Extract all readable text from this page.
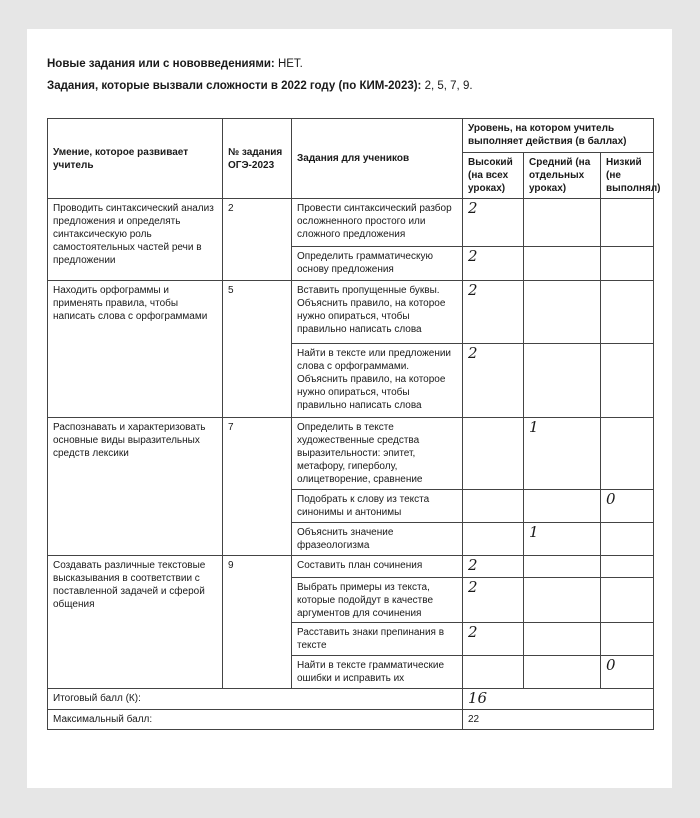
Новые задания или с нововведениями: НЕТ.
Задания, которые вызвали сложности в 2022 году (по КИМ-2023): 2, 5, 7, 9.
Умение, которое развивает учитель	№ задания ОГЭ-2023	Задания для учеников	Уровень, на котором учитель выполняет действия (в баллах)		
			Высокий (на всех уроках)	Средний (на отдельных уроках)	Низкий (не выполнял)
Проводить синтаксический анализ предложения и определять синтаксическую роль самостоятельных частей речи в предложении	2	Провести синтаксический разбор осложненного простого или сложного предложения	2		
		Определить грамматическую основу предложения	2		
Находить орфограммы и применять правила, чтобы написать слова с орфограммами	5	Вставить пропущенные буквы. Объяснить правило, на которое нужно опираться, чтобы правильно написать слова	2		
		Найти в тексте или предложении слова с орфограммами. Объяснить правило, на которое нужно опираться, чтобы правильно написать слова	2		
Распознавать и характеризовать основные виды выразительных средств лексики	7	Определить в тексте художественные средства выразительности: эпитет, метафору, гиперболу, олицетворение, сравнение		1	
		Подобрать к слову из текста синонимы и антонимы			0
		Объяснить значение фразеологизма		1	
Создавать различные текстовые высказывания в соответствии с поставленной задачей и сферой общения	9	Составить план сочинения	2		
		Выбрать примеры из текста, которые подойдут в качестве аргументов для сочинения	2		
		Расставить знаки препинания в тексте	2		
		Найти в тексте грамматические ошибки и исправить их			0
Итоговый балл (К):			16		
Максимальный балл:			22		
